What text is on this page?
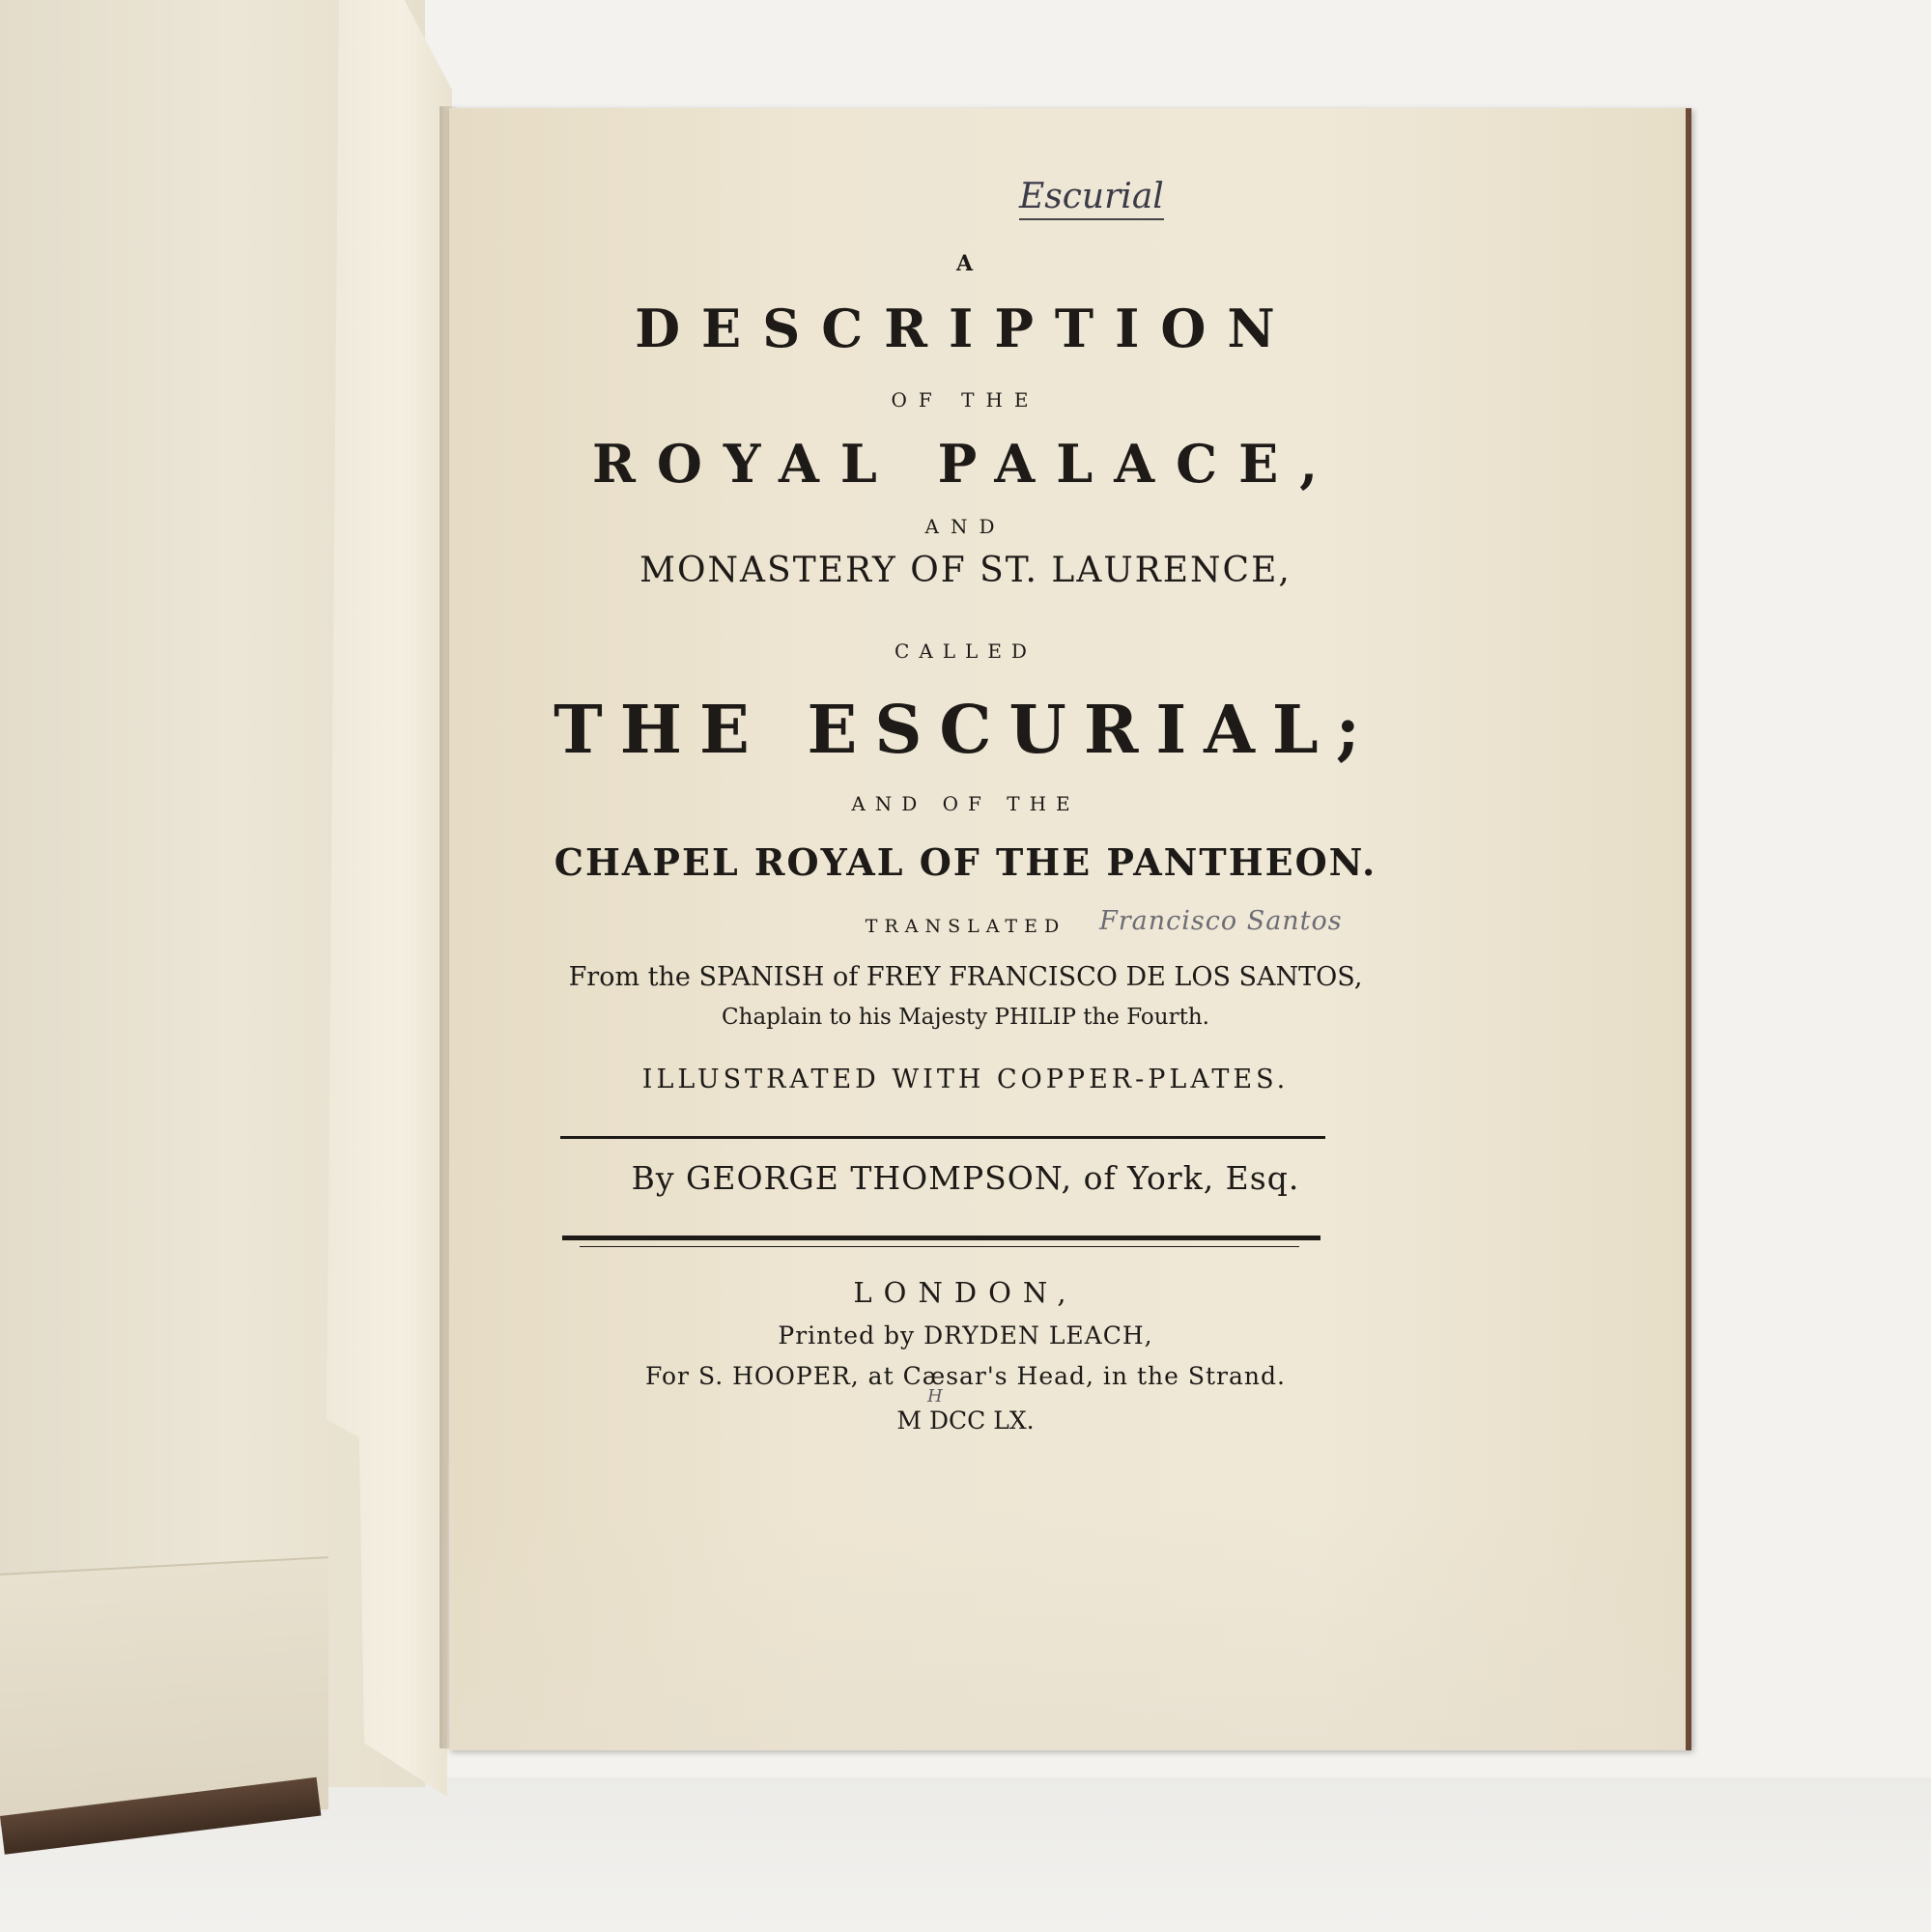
Escurial
A
DESCRIPTION
OF THE
ROYAL PALACE,
AND
MONASTERY OF ST. LAURENCE,
CALLED
THE ESCURIAL;
AND OF THE
CHAPEL ROYAL OF THE PANTHEON.
TRANSLATED	Francisco Santos
From the SPANISH of FREY FRANCISCO DE LOS SANTOS,
Chaplain to his Majesty PHILIP the Fourth.
ILLUSTRATED WITH COPPER-PLATES.
By GEORGE THOMPSON, of York, Esq.
LONDON,
Printed by DRYDEN LEACH,
For S. HOOPER, at Cæsar's Head, in the Strand.
H
M DCC LX.
